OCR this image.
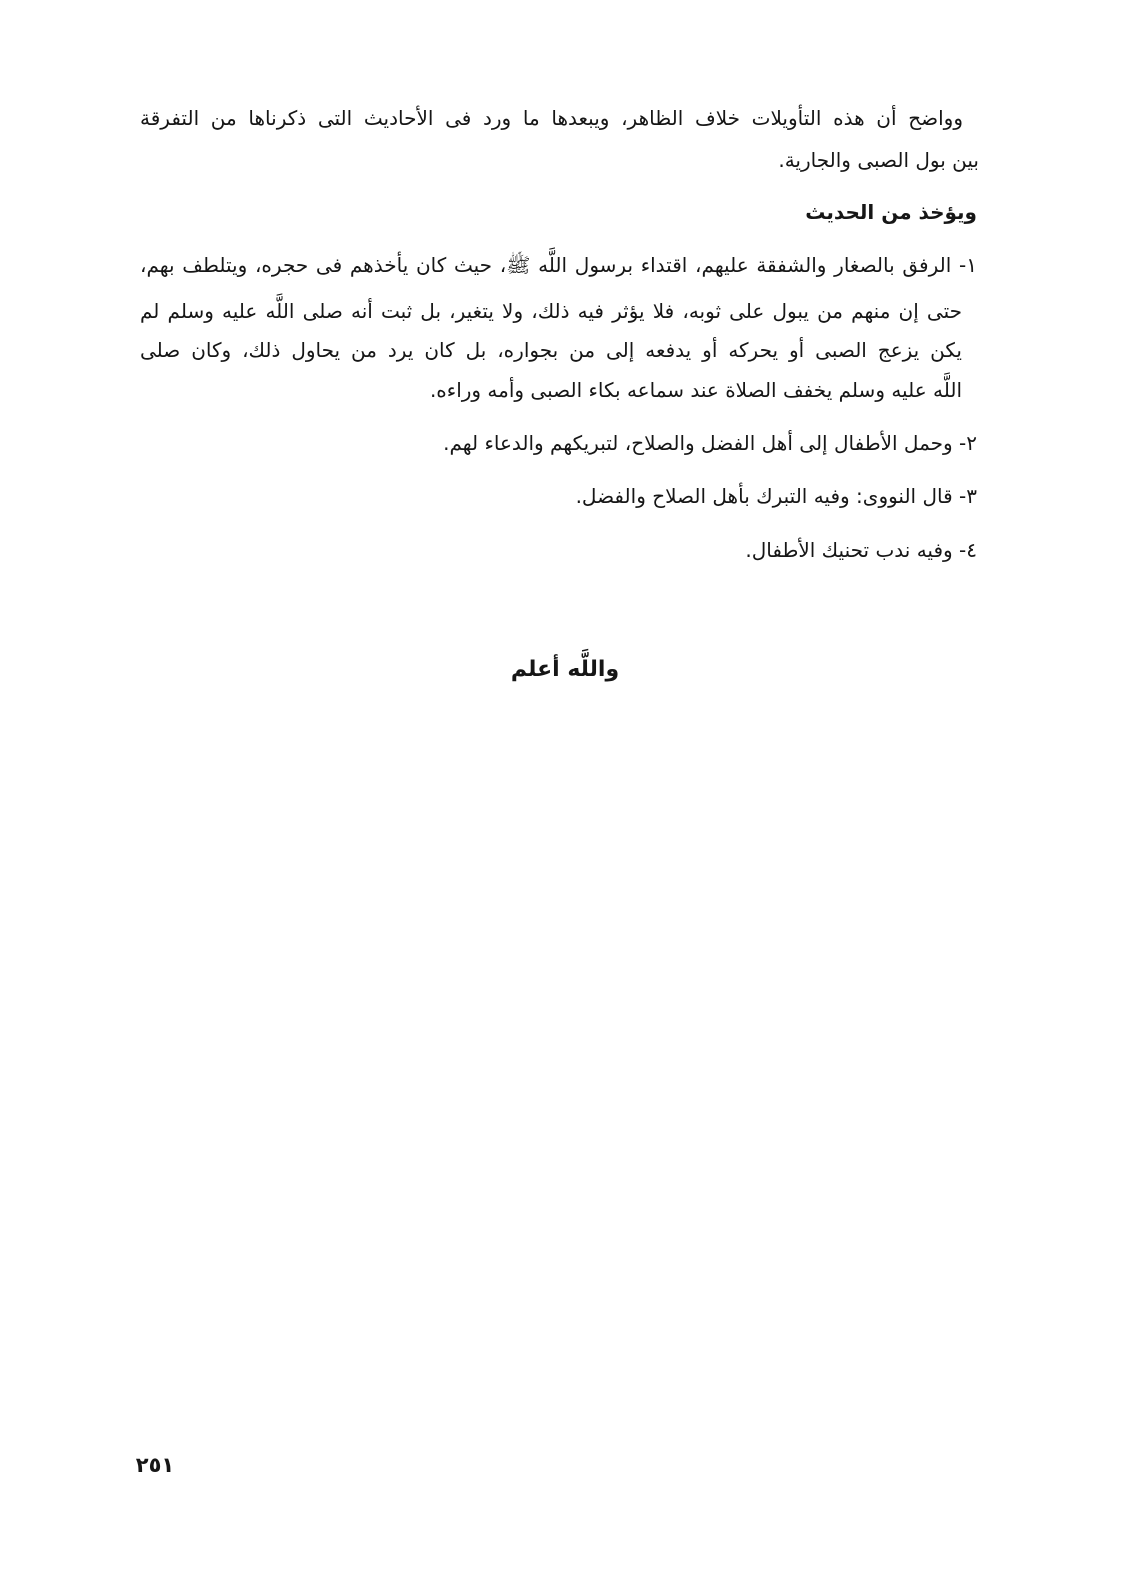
وواضح أن هذه التأويلات خلاف الظاهر، ويبعدها ما ورد فى الأحاديث التى ذكرناها من التفرقة
بين بول الصبى والجارية.
ويؤخذ من الحديث
١- الرفق بالصغار والشفقة عليهم، اقتداء برسول اللَّه ﷺ، حيث كان يأخذهم فى حجره، ويتلطف بهم،
حتى إن منهم من يبول على ثوبه، فلا يؤثر فيه ذلك، ولا يتغير، بل ثبت أنه صلى اللَّه عليه وسلم لم
يكن يزعج الصبى أو يحركه أو يدفعه إلى من بجواره، بل كان يرد من يحاول ذلك، وكان صلى
اللَّه عليه وسلم يخفف الصلاة عند سماعه بكاء الصبى وأمه وراءه.
٢- وحمل الأطفال إلى أهل الفضل والصلاح، لتبريكهم والدعاء لهم.
٣- قال النووى: وفيه التبرك بأهل الصلاح والفضل.
٤- وفيه ندب تحنيك الأطفال.
واللَّه أعلم
٢٥١
